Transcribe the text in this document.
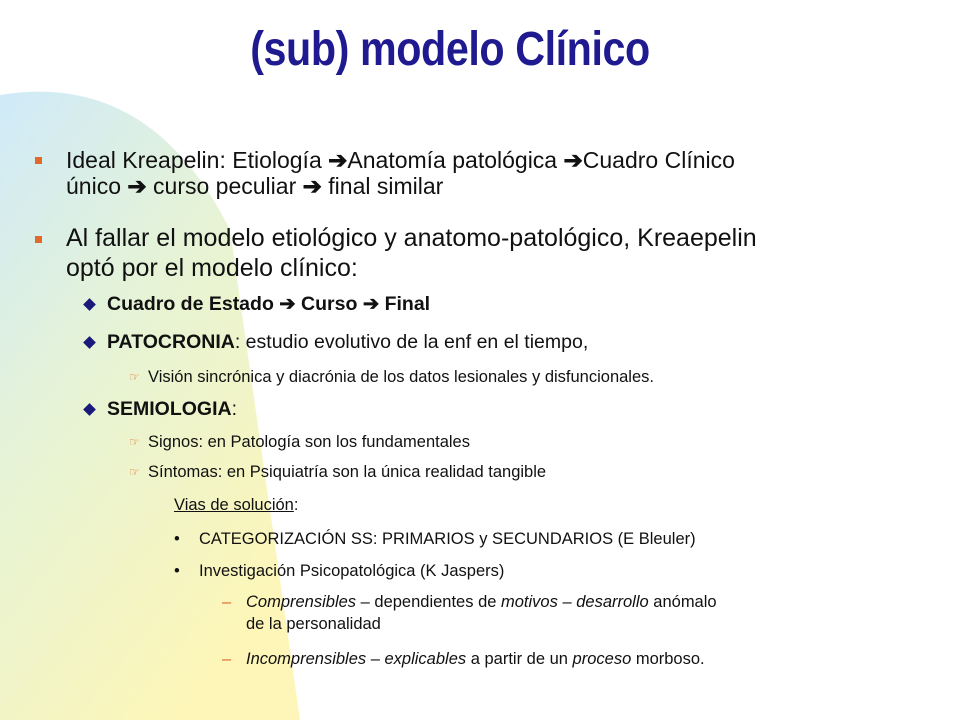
(sub) modelo Clínico
Ideal Kreapelin: Etiología ➔Anatomía patológica ➔Cuadro Clínico
único ➔ curso peculiar ➔ final similar
Al fallar el modelo etiológico y anatomo-patológico, Kreaepelin
optó por el modelo clínico:
Cuadro de Estado ➔ Curso ➔ Final
PATOCRONIA: estudio evolutivo de la enf en el tiempo,
☞ Visión sincrónica y diacrónia de los datos lesionales y disfuncionales.
SEMIOLOGIA:
☞ Signos: en Patología son los fundamentales
☞ Síntomas: en Psiquiatría son la única realidad tangible
Vias de solución:
• CATEGORIZACIÓN SS: PRIMARIOS y SECUNDARIOS (E Bleuler)
• Investigación Psicopatológica (K Jaspers)
– Comprensibles – dependientes de motivos – desarrollo anómalo
de la personalidad
– Incomprensibles – explicables a partir de un proceso morboso.
